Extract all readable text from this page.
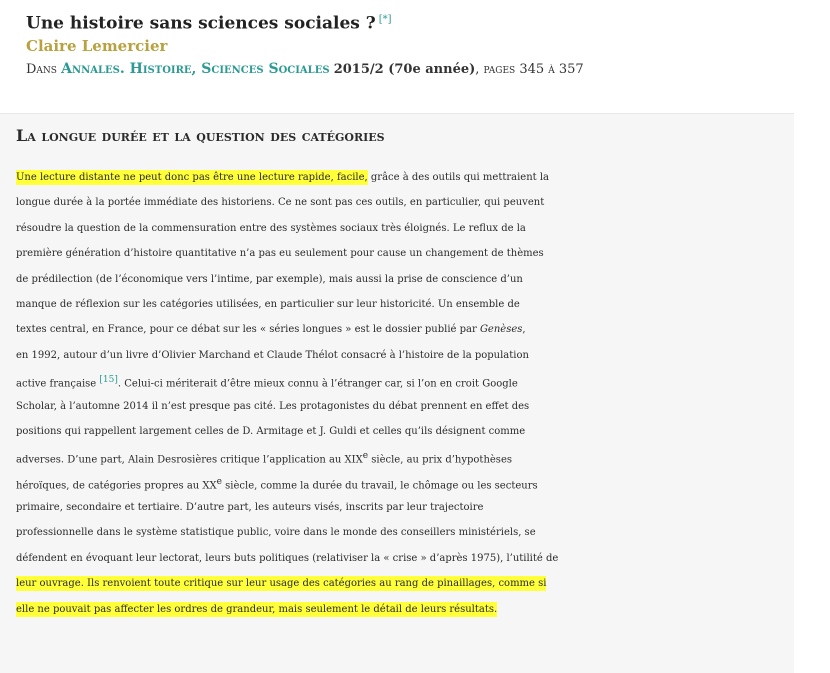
Une histoire sans sciences sociales ? [*]
Claire Lemercier
Dans Annales. Histoire, Sciences Sociales 2015/2 (70e année), pages 345 à 357
La longue durée et la question des catégories
Une lecture distante ne peut donc pas être une lecture rapide, facile, grâce à des outils qui mettraient la
longue durée à la portée immédiate des historiens. Ce ne sont pas ces outils, en particulier, qui peuvent
résoudre la question de la commensuration entre des systèmes sociaux très éloignés. Le reflux de la
première génération d’histoire quantitative n’a pas eu seulement pour cause un changement de thèmes
de prédilection (de l’économique vers l’intime, par exemple), mais aussi la prise de conscience d’un
manque de réflexion sur les catégories utilisées, en particulier sur leur historicité. Un ensemble de
textes central, en France, pour ce débat sur les « séries longues » est le dossier publié par Genèses,
en 1992, autour d’un livre d’Olivier Marchand et Claude Thélot consacré à l’histoire de la population
active française [15]. Celui-ci mériterait d’être mieux connu à l’étranger car, si l’on en croit Google
Scholar, à l’automne 2014 il n’est presque pas cité. Les protagonistes du débat prennent en effet des
positions qui rappellent largement celles de D. Armitage et J. Guldi et celles qu’ils désignent comme
adverses. D’une part, Alain Desrosières critique l’application au XIXe siècle, au prix d’hypothèses
héroïques, de catégories propres au XXe siècle, comme la durée du travail, le chômage ou les secteurs
primaire, secondaire et tertiaire. D’autre part, les auteurs visés, inscrits par leur trajectoire
professionnelle dans le système statistique public, voire dans le monde des conseillers ministériels, se
défendent en évoquant leur lectorat, leurs buts politiques (relativiser la « crise » d’après 1975), l’utilité de
leur ouvrage. Ils renvoient toute critique sur leur usage des catégories au rang de pinaillages, comme si
elle ne pouvait pas affecter les ordres de grandeur, mais seulement le détail de leurs résultats.
